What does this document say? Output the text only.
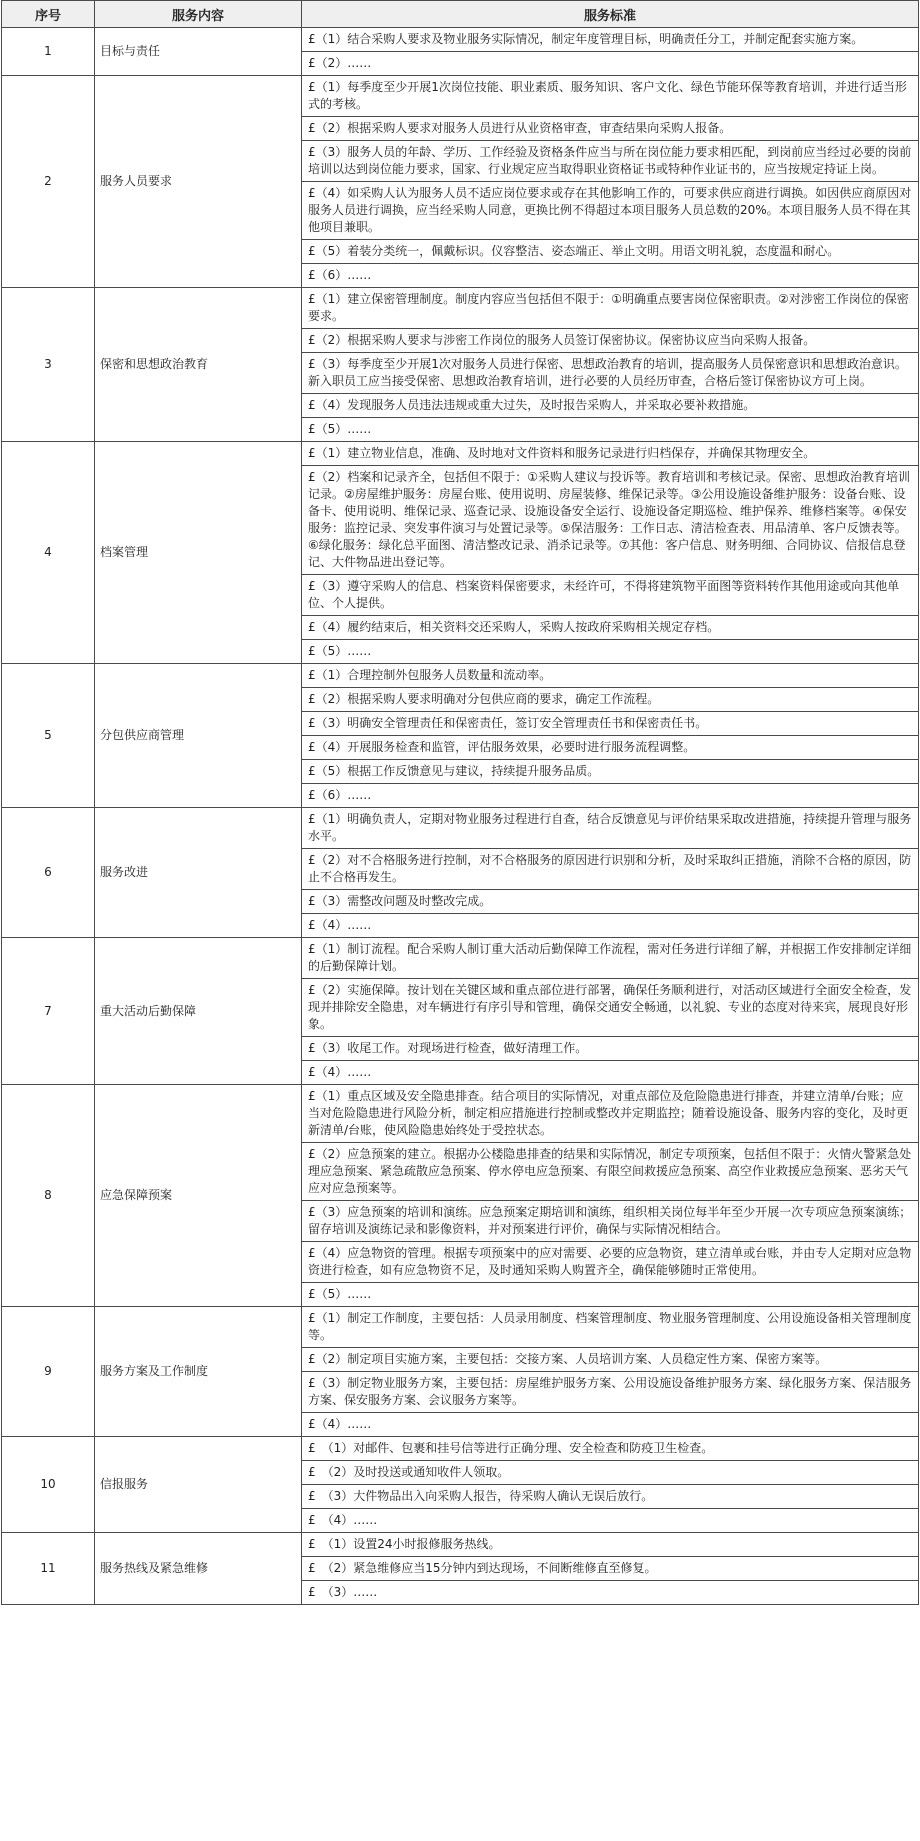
序号	服务内容	服务标准
1	目标与责任	£（1）结合采购人要求及物业服务实际情况，制定年度管理目标，明确责任分工，并制定配套实施方案。
		£（2）……
2	服务人员要求	£（1）每季度至少开展1次岗位技能、职业素质、服务知识、客户文化、绿色节能环保等教育培训，并进行适当形式的考核。
		£（2）根据采购人要求对服务人员进行从业资格审查，审查结果向采购人报备。
		£（3）服务人员的年龄、学历、工作经验及资格条件应当与所在岗位能力要求相匹配，到岗前应当经过必要的岗前培训以达到岗位能力要求，国家、行业规定应当取得职业资格证书或特种作业证书的，应当按规定持证上岗。
		£（4）如采购人认为服务人员不适应岗位要求或存在其他影响工作的，可要求供应商进行调换。如因供应商原因对服务人员进行调换，应当经采购人同意，更换比例不得超过本项目服务人员总数的20%。本项目服务人员不得在其他项目兼职。
		£（5）着装分类统一，佩戴标识。仪容整洁、姿态端正、举止文明。用语文明礼貌，态度温和耐心。
		£（6）……
3	保密和思想政治教育	£（1）建立保密管理制度。制度内容应当包括但不限于：①明确重点要害岗位保密职责。②对涉密工作岗位的保密要求。
		£（2）根据采购人要求与涉密工作岗位的服务人员签订保密协议。保密协议应当向采购人报备。
		£（3）每季度至少开展1次对服务人员进行保密、思想政治教育的培训，提高服务人员保密意识和思想政治意识。新入职员工应当接受保密、思想政治教育培训，进行必要的人员经历审查，合格后签订保密协议方可上岗。
		£（4）发现服务人员违法违规或重大过失，及时报告采购人，并采取必要补救措施。
		£（5）……
4	档案管理	£（1）建立物业信息，准确、及时地对文件资料和服务记录进行归档保存，并确保其物理安全。
		£（2）档案和记录齐全，包括但不限于：①采购人建议与投诉等。教育培训和考核记录。保密、思想政治教育培训记录。②房屋维护服务：房屋台账、使用说明、房屋装修、维保记录等。③公用设施设备维护服务：设备台账、设备卡、使用说明、维保记录、巡查记录、设施设备安全运行、设施设备定期巡检、维护保养、维修档案等。④保安服务：监控记录、突发事件演习与处置记录等。⑤保洁服务：工作日志、清洁检查表、用品清单、客户反馈表等。⑥绿化服务：绿化总平面图、清洁整改记录、消杀记录等。⑦其他：客户信息、财务明细、合同协议、信报信息登记、大件物品进出登记等。
		£（3）遵守采购人的信息、档案资料保密要求，未经许可，不得将建筑物平面图等资料转作其他用途或向其他单位、个人提供。
		£（4）履约结束后，相关资料交还采购人，采购人按政府采购相关规定存档。
		£（5）……
5	分包供应商管理	£（1）合理控制外包服务人员数量和流动率。
		£（2）根据采购人要求明确对分包供应商的要求，确定工作流程。
		£（3）明确安全管理责任和保密责任，签订安全管理责任书和保密责任书。
		£（4）开展服务检查和监管，评估服务效果，必要时进行服务流程调整。
		£（5）根据工作反馈意见与建议，持续提升服务品质。
		£（6）……
6	服务改进	£（1）明确负责人，定期对物业服务过程进行自查，结合反馈意见与评价结果采取改进措施，持续提升管理与服务水平。
		£（2）对不合格服务进行控制，对不合格服务的原因进行识别和分析，及时采取纠正措施，消除不合格的原因，防止不合格再发生。
		£（3）需整改问题及时整改完成。
		£（4）……
7	重大活动后勤保障	£（1）制订流程。配合采购人制订重大活动后勤保障工作流程，需对任务进行详细了解，并根据工作安排制定详细的后勤保障计划。
		£（2）实施保障。按计划在关键区域和重点部位进行部署，确保任务顺利进行，对活动区域进行全面安全检查，发现并排除安全隐患，对车辆进行有序引导和管理，确保交通安全畅通，以礼貌、专业的态度对待来宾，展现良好形象。
		£（3）收尾工作。对现场进行检查，做好清理工作。
		£（4）……
8	应急保障预案	£（1）重点区域及安全隐患排查。结合项目的实际情况，对重点部位及危险隐患进行排查，并建立清单/台账；应当对危险隐患进行风险分析，制定相应措施进行控制或整改并定期监控；随着设施设备、服务内容的变化，及时更新清单/台账，使风险隐患始终处于受控状态。
		£（2）应急预案的建立。根据办公楼隐患排查的结果和实际情况，制定专项预案，包括但不限于：火情火警紧急处理应急预案、紧急疏散应急预案、停水停电应急预案、有限空间救援应急预案、高空作业救援应急预案、恶劣天气应对应急预案等。
		£（3）应急预案的培训和演练。应急预案定期培训和演练，组织相关岗位每半年至少开展一次专项应急预案演练；留存培训及演练记录和影像资料，并对预案进行评价，确保与实际情况相结合。
		£（4）应急物资的管理。根据专项预案中的应对需要、必要的应急物资，建立清单或台账，并由专人定期对应急物资进行检查，如有应急物资不足，及时通知采购人购置齐全，确保能够随时正常使用。
		£（5）……
9	服务方案及工作制度	£（1）制定工作制度，主要包括：人员录用制度、档案管理制度、物业服务管理制度、公用设施设备相关管理制度等。
		£（2）制定项目实施方案，主要包括：交接方案、人员培训方案、人员稳定性方案、保密方案等。
		£（3）制定物业服务方案，主要包括：房屋维护服务方案、公用设施设备维护服务方案、绿化服务方案、保洁服务方案、保安服务方案、会议服务方案等。
		£（4）……
10	信报服务	£　（1）对邮件、包裹和挂号信等进行正确分理、安全检查和防疫卫生检查。
		£　（2）及时投送或通知收件人领取。
		£　（3）大件物品出入向采购人报告，待采购人确认无误后放行。
		£　（4）……
11	服务热线及紧急维修	£　（1）设置24小时报修服务热线。
		£　（2）紧急维修应当15分钟内到达现场，不间断维修直至修复。
		£　（3）……
